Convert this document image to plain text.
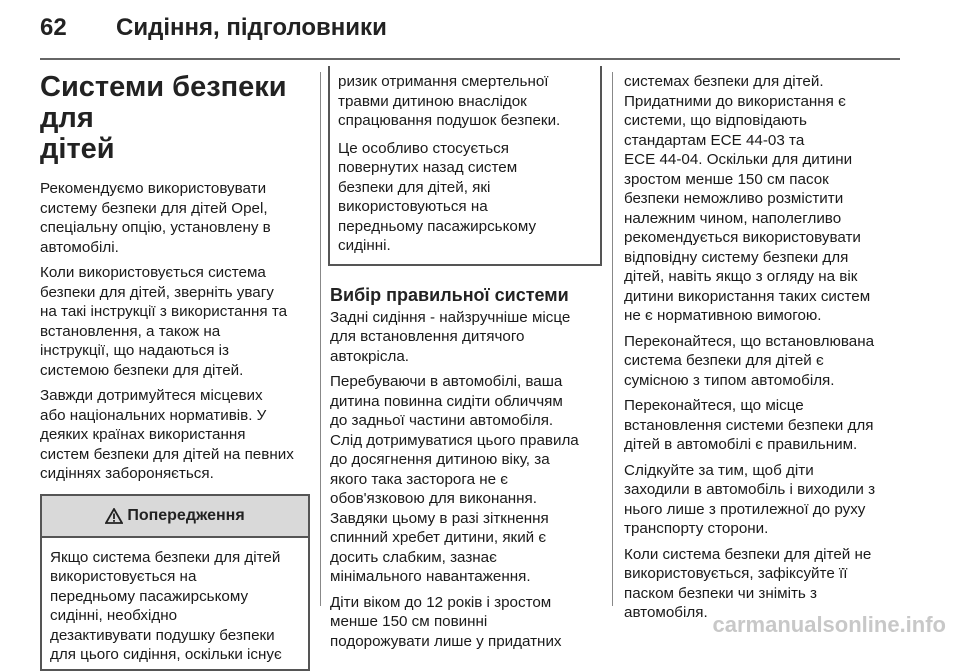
62 Сидіння, підголовники
Системи безпеки для
дітей

Рекомендуємо використовувати

систему безпеки для дітей Opel,

спеціальну опцію, установлену в

автомобілі.

Коли використовується система

безпеки для дітей, зверніть увагу

на такі інструкції з використання та

встановлення, а також на

інструкції, що надаються із

системою безпеки для дітей.

Завжди дотримуйтеся місцевих

або національних нормативів. У

деяких країнах використання

систем безпеки для дітей на певних

сидіннях забороняється.

Попередження

Якщо система безпеки для дітей

використовується на

передньому пасажирському

сидінні, необхідно

дезактивувати подушку безпеки

для цього сидіння, оскільки існує

ризик отримання смертельної

травми дитиною внаслідок

спрацювання подушок безпеки.

Це особливо стосується

повернутих назад систем

безпеки для дітей, які

використовуються на

передньому пасажирському

сидінні.

Вибір правильної системи

Задні сидіння - найзручніше місце

для встановлення дитячого

автокрісла.

Перебуваючи в автомобілі, ваша

дитина повинна сидіти обличчям

до задньої частини автомобіля.

Слід дотримуватися цього правила

до досягнення дитиною віку, за

якого така засторога не є

обов'язковою для виконання.

Завдяки цьому в разі зіткнення

спинний хребет дитини, який є

досить слабким, зазнає

мінімального навантаження.

Діти віком до 12 років і зростом

менше 150 см повинні

подорожувати лише у придатних

системах безпеки для дітей.

Придатними до використання є

системи, що відповідають

стандартам ECE 44-03 та

ECE 44-04. Оскільки для дитини

зростом менше 150 см пасок

безпеки неможливо розмістити

належним чином, наполегливо

рекомендується використовувати

відповідну систему безпеки для

дітей, навіть якщо з огляду на вік

дитини використання таких систем

не є нормативною вимогою.

Переконайтеся, що встановлювана

система безпеки для дітей є

сумісною з типом автомобіля.

Переконайтеся, що місце

встановлення системи безпеки для

дітей в автомобілі є правильним.

Слідкуйте за тим, щоб діти

заходили в автомобіль і виходили з

нього лише з протилежної до руху

транспорту сторони.

Коли система безпеки для дітей не

використовується, зафіксуйте її

паском безпеки чи зніміть з

автомобіля. carmanualsonline.info
